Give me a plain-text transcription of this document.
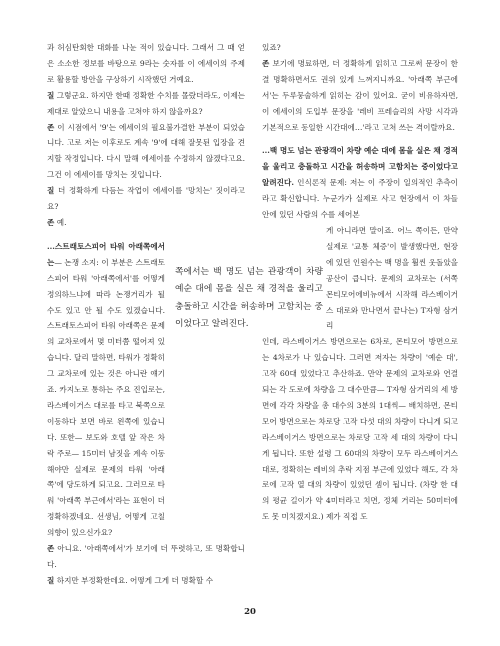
과 허심탄회한 대화를 나눈 적이 있습니다. 그래서 그 때 얻은 소소한 정보를 바탕으로 9라는 숫자를 이 에세이의 주제로 활용할 방안을 구상하기 시작했던 거예요.

질 그렇군요. 하지만 한때 정확한 수치를 몰랐더라도, 이제는 제대로 알았으니 내용을 고쳐야 하지 않을까요?

존 이 시점에서 '9'는 에세이의 필요불가결한 부분이 되었습니다. 고로 저는 이후로도 계속 '9'에 대해 잘못된 입장을 견지할 작정입니다. 다시 말해 에세이를 수정하지 않겠다고요. 그건 이 에세이를 망치는 짓입니다.

질 더 정확하게 다듬는 작업이 에세이를 '망치는' 짓이라고요?

존 예.

...스트래토스피어 타워 아래쪽에서는— 논쟁 소지: 이 부분은 스트래토스피어 타워 '아래쪽에서'를 어떻게 정의하느냐에 따라 논쟁거리가 될 수도 있고 안 될 수도 있겠습니다. 스트래토스피어 타워 아래쪽은 문제의 교차로에서 몇 미터쯤 떨어져 있습니다. 달리 말하면, 타워가 정확히 그 교차로에 있는 것은 아니란 얘기죠. 카지노로 통하는 주요 진입로는, 라스베이거스 대로를 타고 북쪽으로 이동하다 보면 바로 왼쪽에 있습니다. 또한— 보도와 호텔 앞 작은 차락 주로— 15미터 남짓을 계속 이동해야만 실제로 문제의 타워 '아래쪽'에 당도하게 되고요. 그러므로 타워 '아래쪽 부근에서'라는 표현이 더 정확하겠네요. 선생님, 어떻게 고칠 의향이 있으신가요?

존 아니요. '아래쪽에서'가 보기에 더 뚜렷하고, 또 명확합니다.

질 하지만 부정확한데요. 어떻게 그게 더 명확할 수

있죠?

존 보기에 명료하면, 더 정확하게 읽히고 그로써 문장이 한결 명확하면서도 권위 있게 느껴지니까요. '아래쪽 부근에서'는 두루뭉술하게 읽히는 감이 있어요. 굳이 비유하자면, 이 에세이의 도입부 문장을 '레비 프레슬리의 사망 시각과 기본적으로 동일한 시간대에…'라고 고쳐 쓰는 격이랄까요.

...백 명도 넘는 관광객이 차량 예순 대에 몸을 실은 채 경적을 울리고 충돌하고 시간을 허송하며 고함치는 중이었다고 알려진다. 인식론적 문제: 저는 이 주장이 일의적인 추측이라고 확신합니다. 누군가가 실제로 사고 현장에서 이 차들 안에 있던 사람의 수를 세어본

게 아니라면 말이죠. 어느 쪽이든, 만약 실제로 '교통 체증'이 발생했다면, 현장에 있던 인원수는 백 명을 훨씬 웃돌았을 공산이 큽니다. 문제의 교차로는 (서쪽 몬티모어에비뉴에서 시작해 라스베이거스 대로와 만나면서 끝나는) T자형 삼거리

인데, 라스베이거스 방면으로는 6차로, 몬티모어 방면으로는 4차로가 나 있습니다. 그러면 저자는 차량이 '예순 대', 고작 60대 있었다고 추산하죠. 만약 문제의 교차로와 연결되는 각 도로에 차량을 그 대수만큼— T자형 삼거리의 세 방면에 각각 차량을 총 대수의 3분의 1대씩— 배치하면, 몬티모어 방면으로는 차로당 고작 다섯 대의 차량이 다니게 되고 라스베이거스 방면으로는 차로당 고작 세 대의 차량이 다니게 됩니다. 또한 설령 그 60대의 차량이 모두 라스베이거스 대로, 정확히는 레비의 추락 지점 부근에 있었다 해도, 각 차로에 고작 열 대의 차량이 있었던 셈이 됩니다. (차량 한 대의 평균 길이가 약 4미터라고 치면, 정체 거리는 50미터에도 못 미치겠지요.) 제가 직접 도

쪽에서는 백 명도 넘는 관광객이 차량 예순 대에 몸을 실은 채 경적을 울리고 충돌하고 시간을 허송하며 고함치는 중이었다고 알려진다.
20
